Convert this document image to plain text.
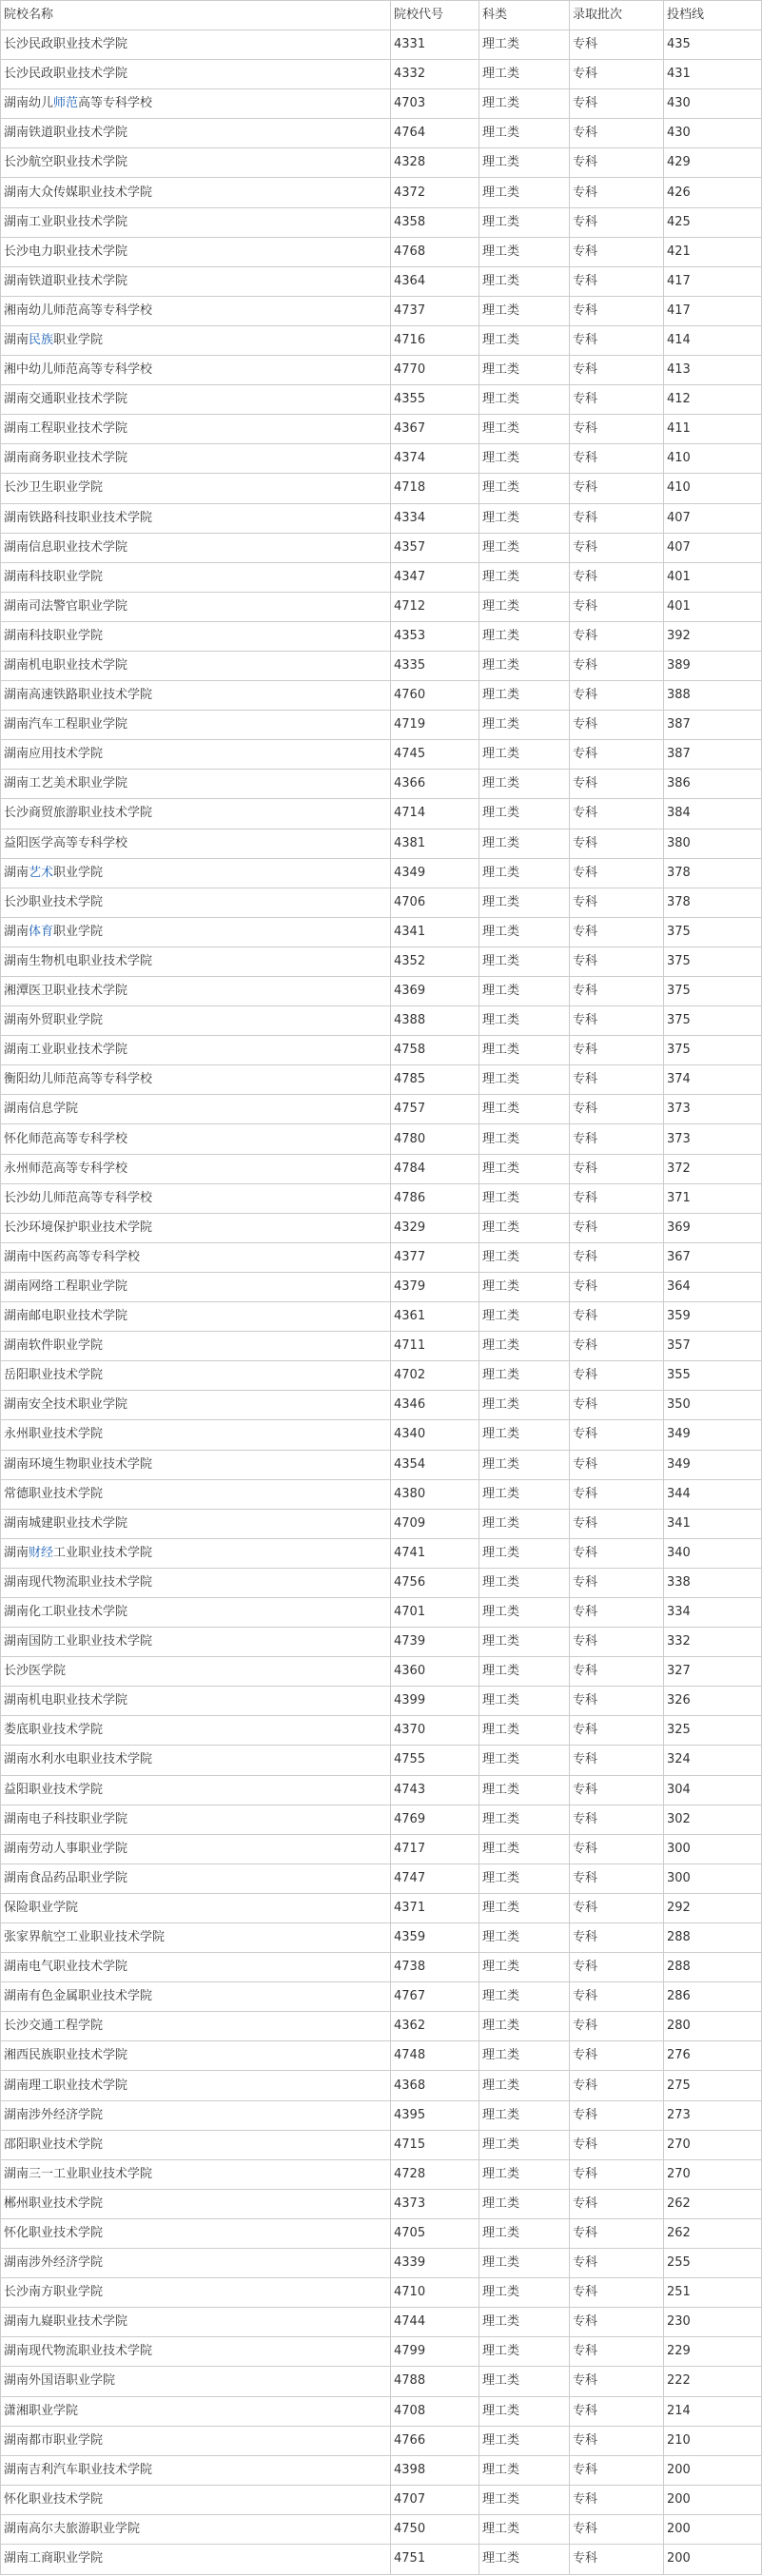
院校名称	院校代号	科类	录取批次	投档线
长沙民政职业技术学院	4331	理工类	专科	435
长沙民政职业技术学院	4332	理工类	专科	431
湖南幼儿师范高等专科学校	4703	理工类	专科	430
湖南铁道职业技术学院	4764	理工类	专科	430
长沙航空职业技术学院	4328	理工类	专科	429
湖南大众传媒职业技术学院	4372	理工类	专科	426
湖南工业职业技术学院	4358	理工类	专科	425
长沙电力职业技术学院	4768	理工类	专科	421
湖南铁道职业技术学院	4364	理工类	专科	417
湘南幼儿师范高等专科学校	4737	理工类	专科	417
湖南民族职业学院	4716	理工类	专科	414
湘中幼儿师范高等专科学校	4770	理工类	专科	413
湖南交通职业技术学院	4355	理工类	专科	412
湖南工程职业技术学院	4367	理工类	专科	411
湖南商务职业技术学院	4374	理工类	专科	410
长沙卫生职业学院	4718	理工类	专科	410
湖南铁路科技职业技术学院	4334	理工类	专科	407
湖南信息职业技术学院	4357	理工类	专科	407
湖南科技职业学院	4347	理工类	专科	401
湖南司法警官职业学院	4712	理工类	专科	401
湖南科技职业学院	4353	理工类	专科	392
湖南机电职业技术学院	4335	理工类	专科	389
湖南高速铁路职业技术学院	4760	理工类	专科	388
湖南汽车工程职业学院	4719	理工类	专科	387
湖南应用技术学院	4745	理工类	专科	387
湖南工艺美术职业学院	4366	理工类	专科	386
长沙商贸旅游职业技术学院	4714	理工类	专科	384
益阳医学高等专科学校	4381	理工类	专科	380
湖南艺术职业学院	4349	理工类	专科	378
长沙职业技术学院	4706	理工类	专科	378
湖南体育职业学院	4341	理工类	专科	375
湖南生物机电职业技术学院	4352	理工类	专科	375
湘潭医卫职业技术学院	4369	理工类	专科	375
湖南外贸职业学院	4388	理工类	专科	375
湖南工业职业技术学院	4758	理工类	专科	375
衡阳幼儿师范高等专科学校	4785	理工类	专科	374
湖南信息学院	4757	理工类	专科	373
怀化师范高等专科学校	4780	理工类	专科	373
永州师范高等专科学校	4784	理工类	专科	372
长沙幼儿师范高等专科学校	4786	理工类	专科	371
长沙环境保护职业技术学院	4329	理工类	专科	369
湖南中医药高等专科学校	4377	理工类	专科	367
湖南网络工程职业学院	4379	理工类	专科	364
湖南邮电职业技术学院	4361	理工类	专科	359
湖南软件职业学院	4711	理工类	专科	357
岳阳职业技术学院	4702	理工类	专科	355
湖南安全技术职业学院	4346	理工类	专科	350
永州职业技术学院	4340	理工类	专科	349
湖南环境生物职业技术学院	4354	理工类	专科	349
常德职业技术学院	4380	理工类	专科	344
湖南城建职业技术学院	4709	理工类	专科	341
湖南财经工业职业技术学院	4741	理工类	专科	340
湖南现代物流职业技术学院	4756	理工类	专科	338
湖南化工职业技术学院	4701	理工类	专科	334
湖南国防工业职业技术学院	4739	理工类	专科	332
长沙医学院	4360	理工类	专科	327
湖南机电职业技术学院	4399	理工类	专科	326
娄底职业技术学院	4370	理工类	专科	325
湖南水利水电职业技术学院	4755	理工类	专科	324
益阳职业技术学院	4743	理工类	专科	304
湖南电子科技职业学院	4769	理工类	专科	302
湖南劳动人事职业学院	4717	理工类	专科	300
湖南食品药品职业学院	4747	理工类	专科	300
保险职业学院	4371	理工类	专科	292
张家界航空工业职业技术学院	4359	理工类	专科	288
湖南电气职业技术学院	4738	理工类	专科	288
湖南有色金属职业技术学院	4767	理工类	专科	286
长沙交通工程学院	4362	理工类	专科	280
湘西民族职业技术学院	4748	理工类	专科	276
湖南理工职业技术学院	4368	理工类	专科	275
湖南涉外经济学院	4395	理工类	专科	273
邵阳职业技术学院	4715	理工类	专科	270
湖南三一工业职业技术学院	4728	理工类	专科	270
郴州职业技术学院	4373	理工类	专科	262
怀化职业技术学院	4705	理工类	专科	262
湖南涉外经济学院	4339	理工类	专科	255
长沙南方职业学院	4710	理工类	专科	251
湖南九嶷职业技术学院	4744	理工类	专科	230
湖南现代物流职业技术学院	4799	理工类	专科	229
湖南外国语职业学院	4788	理工类	专科	222
潇湘职业学院	4708	理工类	专科	214
湖南都市职业学院	4766	理工类	专科	210
湖南吉利汽车职业技术学院	4398	理工类	专科	200
怀化职业技术学院	4707	理工类	专科	200
湖南高尔夫旅游职业学院	4750	理工类	专科	200
湖南工商职业学院	4751	理工类	专科	200
